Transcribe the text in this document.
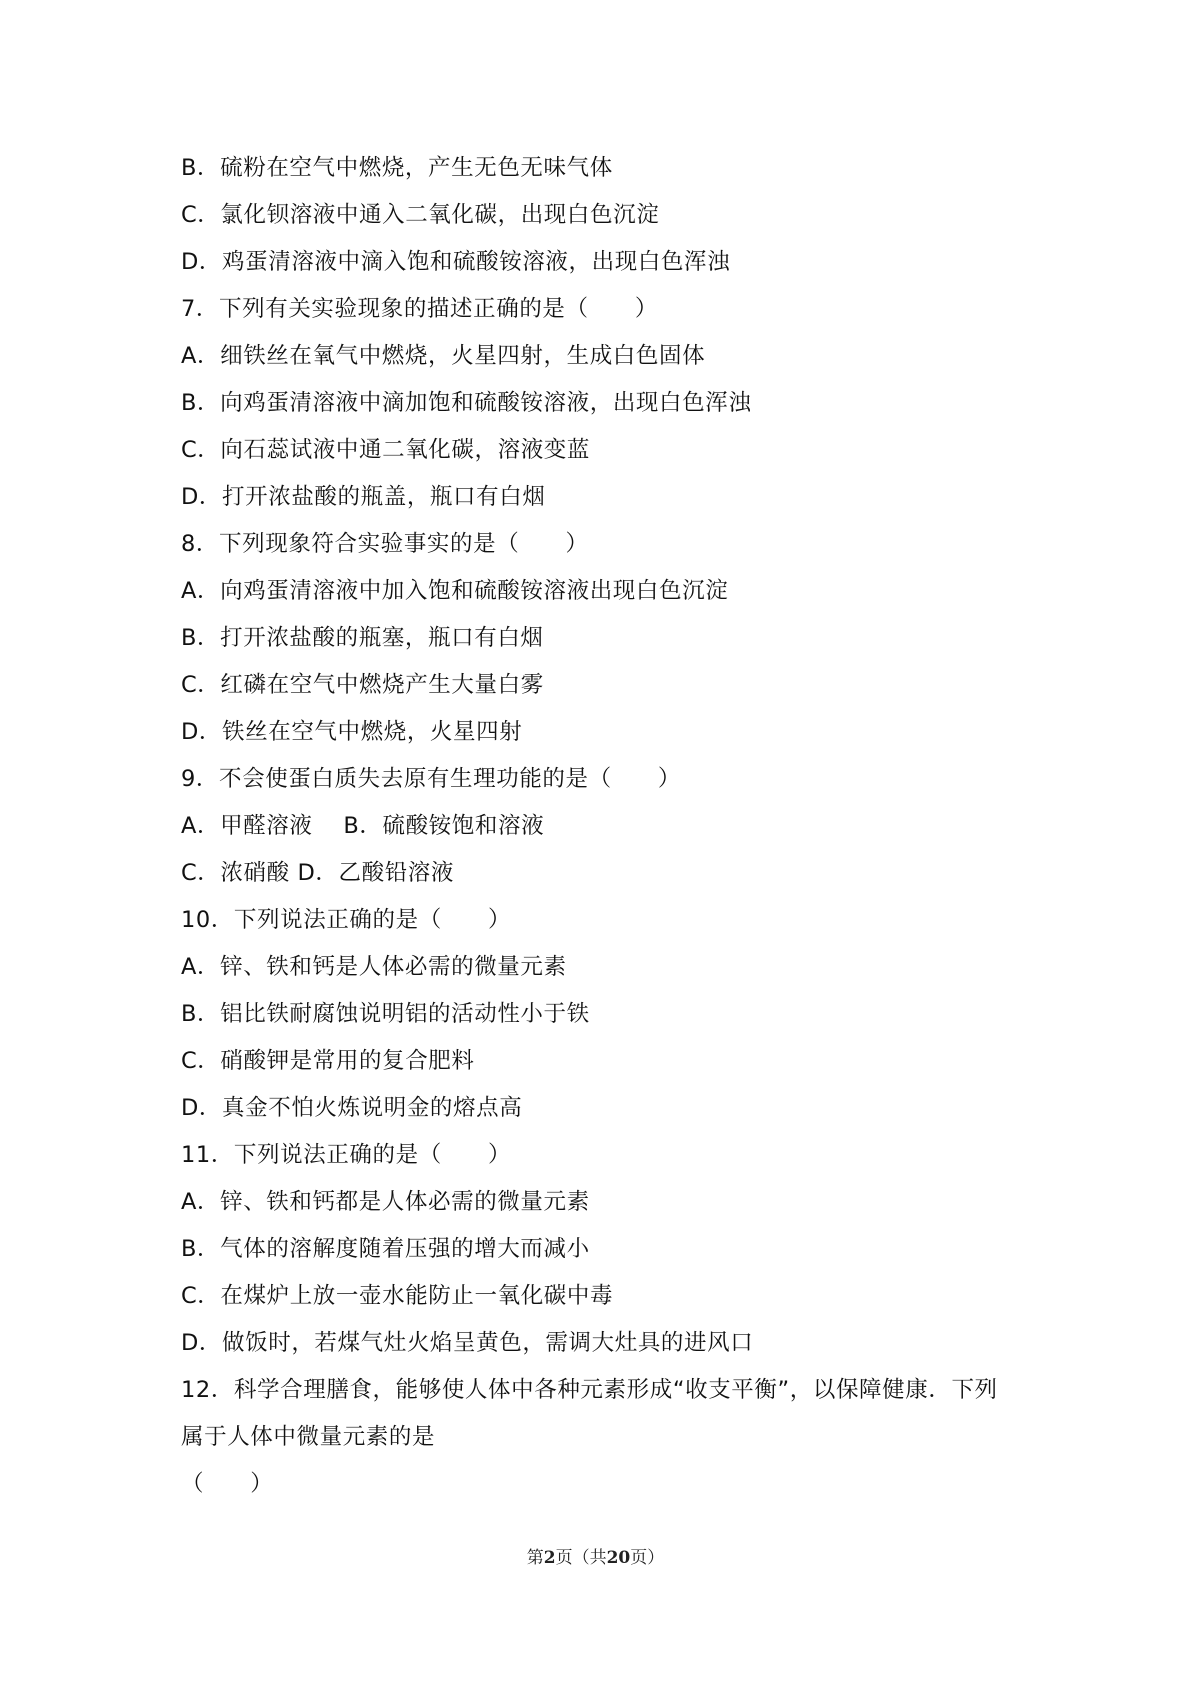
B．硫粉在空气中燃烧，产生无色无味气体
C．氯化钡溶液中通入二氧化碳，出现白色沉淀
D．鸡蛋清溶液中滴入饱和硫酸铵溶液，出现白色浑浊
7．下列有关实验现象的描述正确的是（　　）
A．细铁丝在氧气中燃烧，火星四射，生成白色固体
B．向鸡蛋清溶液中滴加饱和硫酸铵溶液，出现白色浑浊
C．向石蕊试液中通二氧化碳，溶液变蓝
D．打开浓盐酸的瓶盖，瓶口有白烟
8．下列现象符合实验事实的是（　　）
A．向鸡蛋清溶液中加入饱和硫酸铵溶液出现白色沉淀
B．打开浓盐酸的瓶塞，瓶口有白烟
C．红磷在空气中燃烧产生大量白雾
D．铁丝在空气中燃烧，火星四射
9．不会使蛋白质失去原有生理功能的是（　　）
A．甲醛溶液　 B．硫酸铵饱和溶液
C．浓硝酸 D．乙酸铅溶液
10．下列说法正确的是（　　）
A．锌、铁和钙是人体必需的微量元素
B．铝比铁耐腐蚀说明铝的活动性小于铁
C．硝酸钾是常用的复合肥料
D．真金不怕火炼说明金的熔点高
11．下列说法正确的是（　　）
A．锌、铁和钙都是人体必需的微量元素
B．气体的溶解度随着压强的增大而减小
C．在煤炉上放一壶水能防止一氧化碳中毒
D．做饭时，若煤气灶火焰呈黄色，需调大灶具的进风口
12．科学合理膳食，能够使人体中各种元素形成“收支平衡”，以保障健康．下列
属于人体中微量元素的是
（　　）
第2页（共20页）
